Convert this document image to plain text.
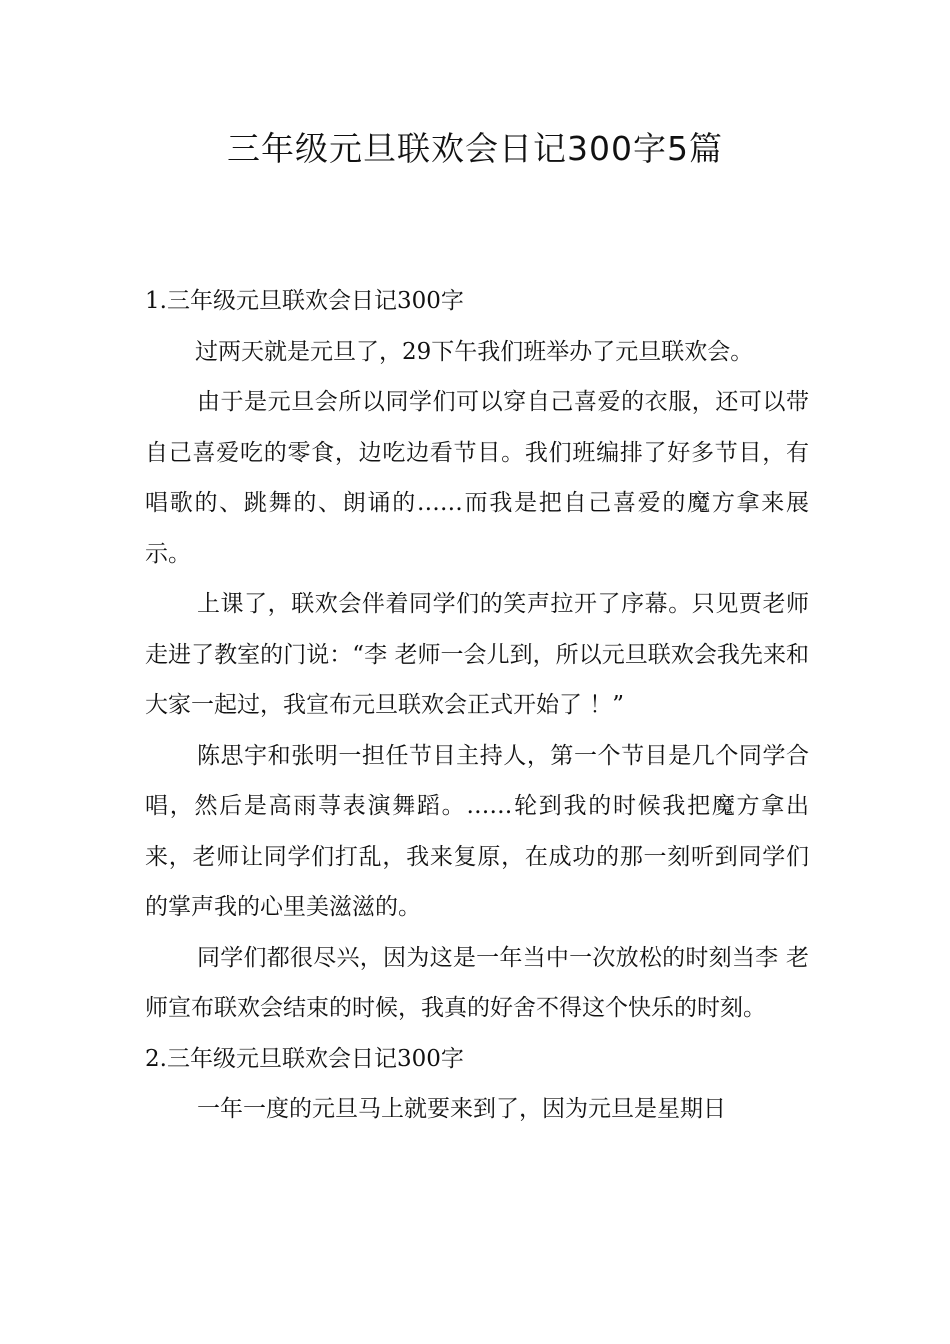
三年级元旦联欢会日记300字5篇

1.三年级元旦联欢会日记300字

过两天就是元旦了，29下午我们班举办了元旦联欢会。

由于是元旦会所以同学们可以穿自己喜爱的衣服，还可以带自己喜爱吃的零食，边吃边看节目。我们班编排了好多节目，有唱歌的、跳舞的、朗诵的……而我是把自己喜爱的魔方拿来展示。

上课了，联欢会伴着同学们的笑声拉开了序幕。只见贾老师走进了教室的门说：“李 老师一会儿到，所以元旦联欢会我先来和大家一起过，我宣布元旦联欢会正式开始了 ！”

陈思宇和张明一担任节目主持人，第一个节目是几个同学合唱，然后是高雨荨表演舞蹈。……轮到我的时候我把魔方拿出来，老师让同学们打乱，我来复原，在成功的那一刻听到同学们的掌声我的心里美滋滋的。

同学们都很尽兴，因为这是一年当中一次放松的时刻当李 老师宣布联欢会结束的时候，我真的好舍不得这个快乐的时刻。

2.三年级元旦联欢会日记300字

一年一度的元旦马上就要来到了，因为元旦是星期日
